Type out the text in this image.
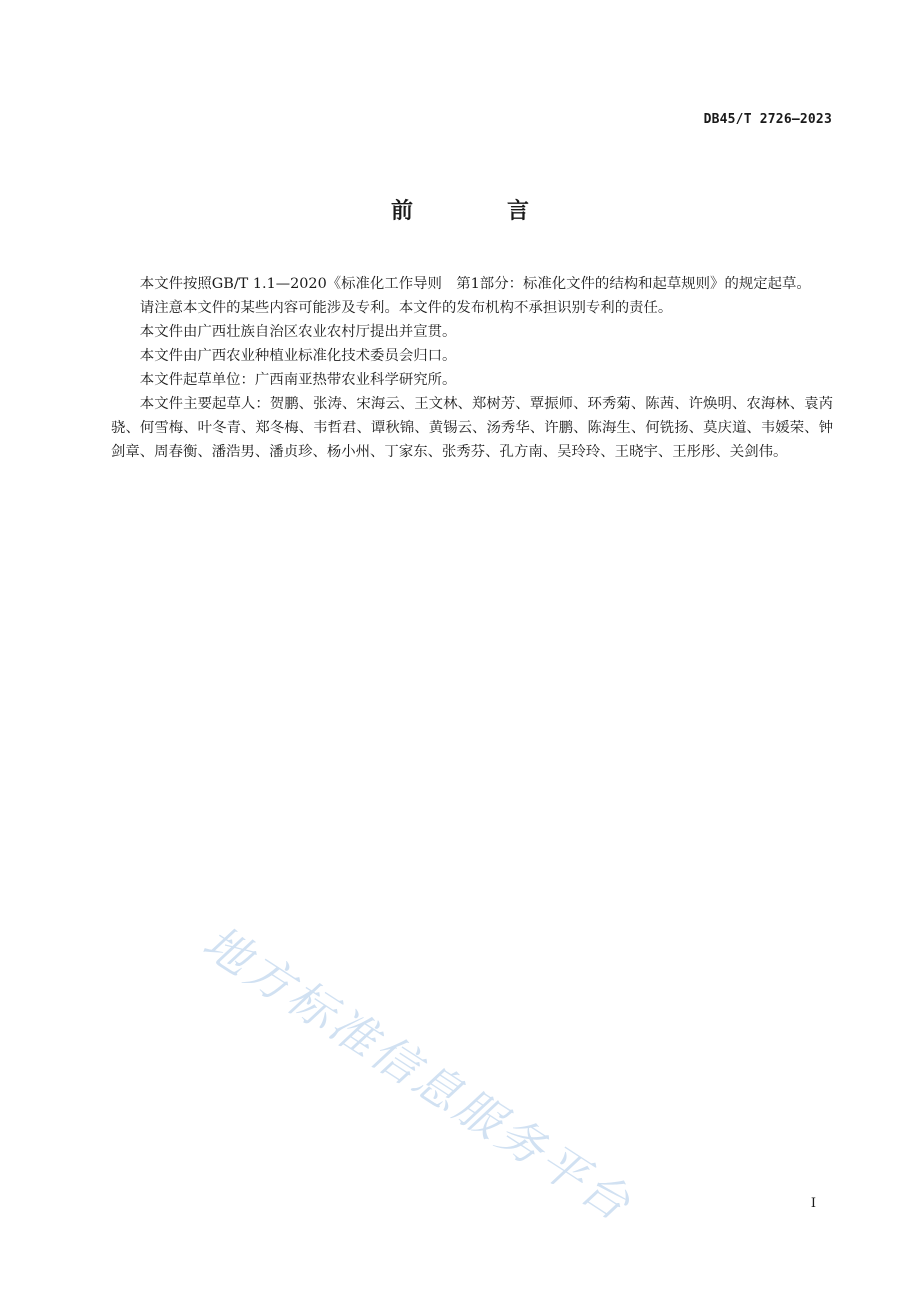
DB45/T 2726—2023
前　言

本文件按照GB/T 1.1—2020《标准化工作导则　第1部分：标准化文件的结构和起草规则》的规定起草。

请注意本文件的某些内容可能涉及专利。本文件的发布机构不承担识别专利的责任。

本文件由广西壮族自治区农业农村厅提出并宣贯。

本文件由广西农业种植业标准化技术委员会归口。

本文件起草单位：广西南亚热带农业科学研究所。

本文件主要起草人：贺鹏、张涛、宋海云、王文林、郑树芳、覃振师、环秀菊、陈茜、许焕明、农海林、袁芮骁、何雪梅、叶冬青、郑冬梅、韦哲君、谭秋锦、黄锡云、汤秀华、许鹏、陈海生、何铣扬、莫庆道、韦媛荣、钟剑章、周春衡、潘浩男、潘贞珍、杨小州、丁家东、张秀芬、孔方南、吴玲玲、王晓宇、王彤彤、关剑伟。

地方标准信息服务平台	I
